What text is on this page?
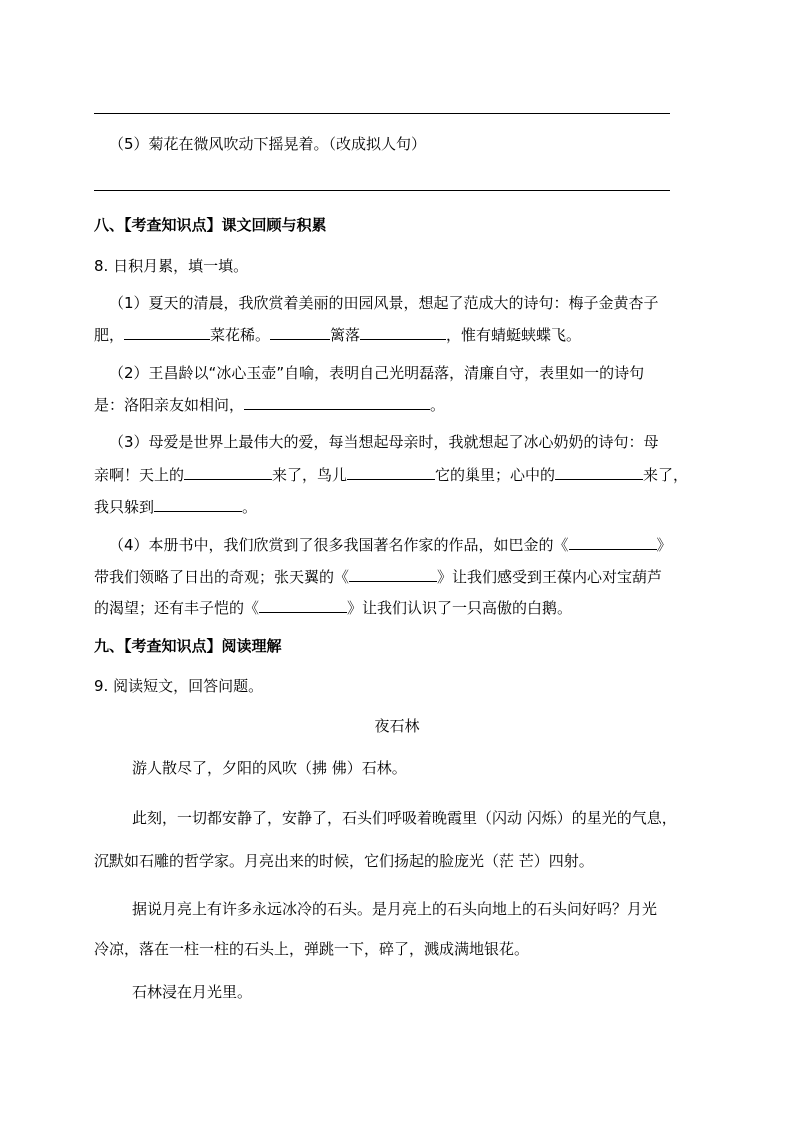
（5）菊花在微风吹动下摇晃着。（改成拟人句）
八、【考查知识点】课文回顾与积累
8. 日积月累，填一填。
（1）夏天的清晨，我欣赏着美丽的田园风景，想起了范成大的诗句：梅子金黄杏子
肥，	菜花稀。	篱落	，惟有蜻蜓蛱蝶飞。
（2）王昌龄以“冰心玉壶”自喻，表明自己光明磊落，清廉自守，表里如一的诗句
是：洛阳亲友如相问，	。
（3）母爱是世界上最伟大的爱，每当想起母亲时，我就想起了冰心奶奶的诗句：母
亲啊！天上的	来了，鸟儿	它的巢里；心中的	来了，
我只躲到	。
（4）本册书中，我们欣赏到了很多我国著名作家的作品，如巴金的《	》
带我们领略了日出的奇观；张天翼的《	》让我们感受到王葆内心对宝葫芦
的渴望；还有丰子恺的《	》让我们认识了一只高傲的白鹅。
九、【考查知识点】阅读理解
9. 阅读短文，回答问题。
夜石林
游人散尽了，夕阳的风吹（拂 佛）石林。
此刻，一切都安静了，安静了，石头们呼吸着晚霞里（闪动 闪烁）的星光的气息，
沉默如石雕的哲学家。月亮出来的时候，它们扬起的脸庞光（茫 芒）四射。
据说月亮上有许多永远冰冷的石头。是月亮上的石头向地上的石头问好吗？月光
冷凉，落在一柱一柱的石头上，弹跳一下，碎了，溅成满地银花。
石林浸在月光里。
